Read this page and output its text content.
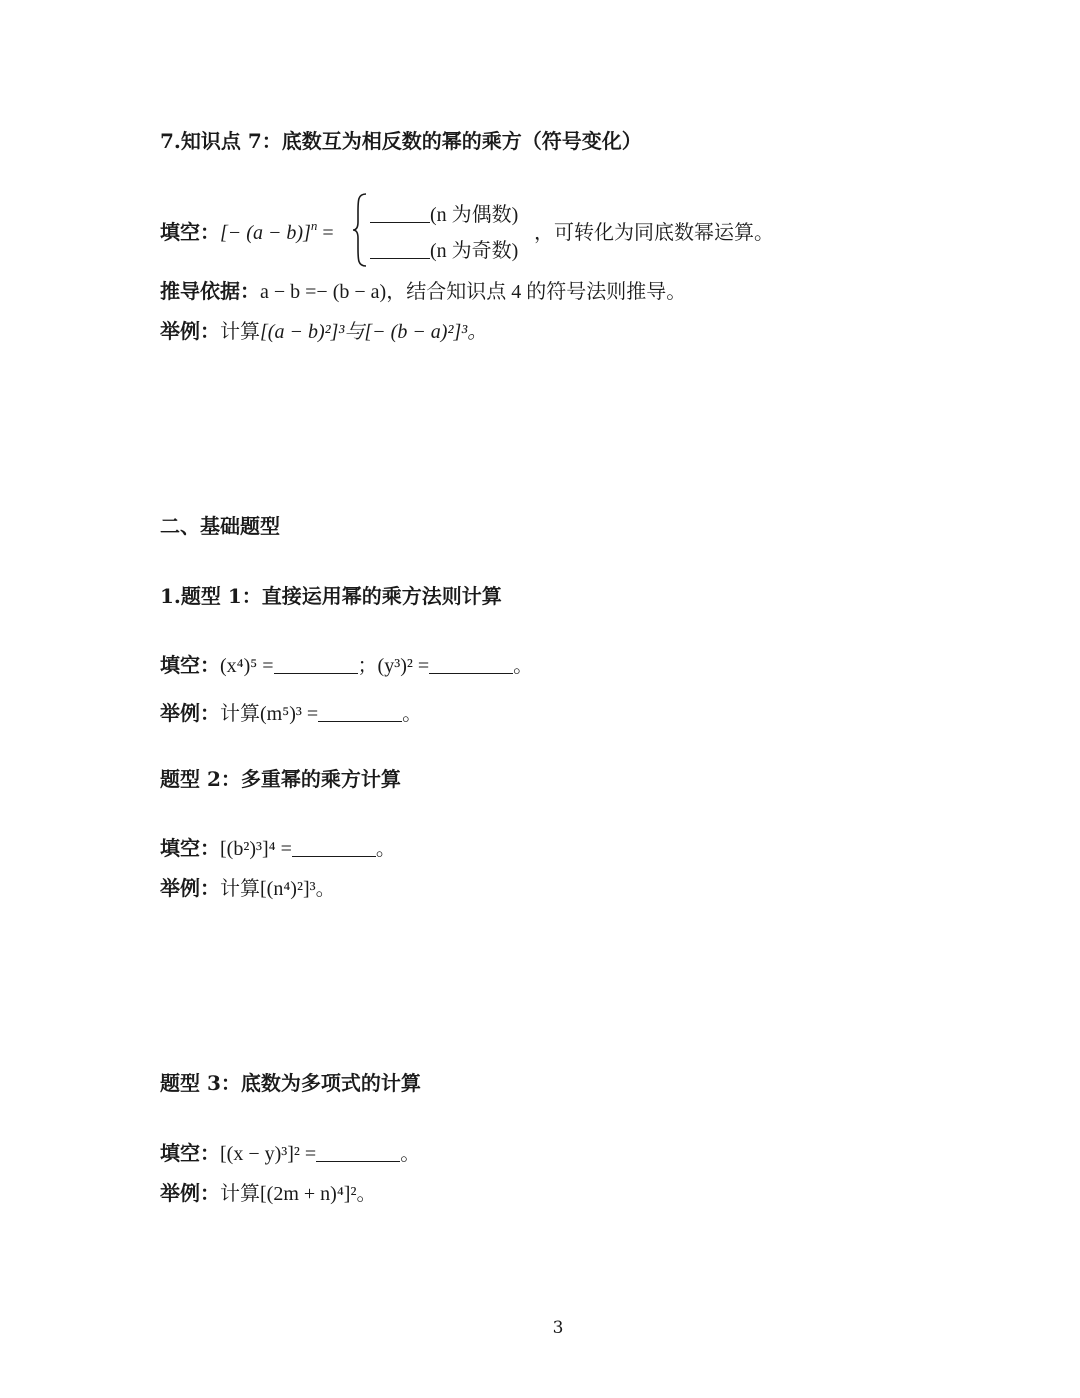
7.知识点 7：底数互为相反数的幂的乘方（符号变化）
填空：[− (a − b)]$^n$ =
(n 为偶数)
(n 为奇数)
，可转化为同底数幂运算。
推导依据：a − b =− (b − a)，结合知识点 4 的符号法则推导。
举例：计算[(a − b)²]³与[− (b − a)²]³。
二、基础题型
1.题型 1：直接运用幂的乘方法则计算
填空：(x⁴)⁵ =	；(y³)² =	。
举例：计算(m⁵)³ =	。
题型 2：多重幂的乘方计算
填空：[(b²)³]⁴ =	。
举例：计算[(n⁴)²]³。
题型 3：底数为多项式的计算
填空：[(x − y)³]² =	。
举例：计算[(2m + n)⁴]²。
3
